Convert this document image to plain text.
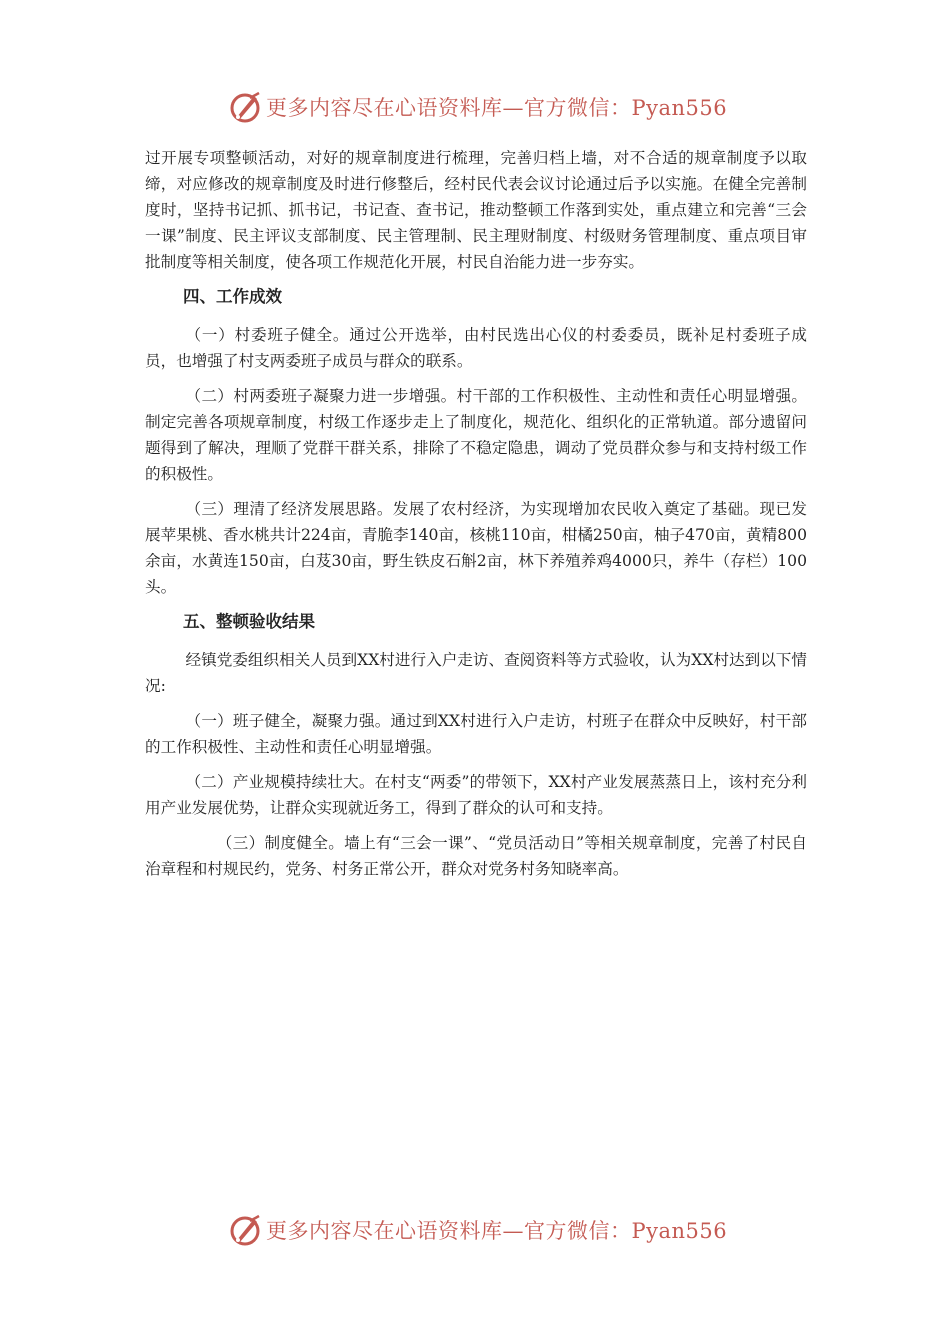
更多内容尽在心语资料库—官方微信：Pyan556

过开展专项整顿活动，对好的规章制度进行梳理，完善归档上墙，对不合适的规章制度予以取缔，对应修改的规章制度及时进行修整后，经村民代表会议讨论通过后予以实施。在健全完善制度时，坚持书记抓、抓书记，书记查、查书记，推动整顿工作落到实处，重点建立和完善“三会一课”制度、民主评议支部制度、民主管理制、民主理财制度、村级财务管理制度、重点项目审批制度等相关制度，使各项工作规范化开展，村民自治能力进一步夯实。

四、工作成效

（一）村委班子健全。通过公开选举，由村民选出心仪的村委委员，既补足村委班子成员，也增强了村支两委班子成员与群众的联系。

（二）村两委班子凝聚力进一步增强。村干部的工作积极性、主动性和责任心明显增强。制定完善各项规章制度，村级工作逐步走上了制度化，规范化、组织化的正常轨道。部分遗留问题得到了解决，理顺了党群干群关系，排除了不稳定隐患，调动了党员群众参与和支持村级工作的积极性。

（三）理清了经济发展思路。发展了农村经济，为实现增加农民收入奠定了基础。现已发展苹果桃、香水桃共计224亩，青脆李140亩，核桃110亩，柑橘250亩，柚子470亩，黄精800余亩，水黄连150亩，白芨30亩，野生铁皮石斛2亩，林下养殖养鸡4000只，养牛（存栏）100头。

五、整顿验收结果

经镇党委组织相关人员到XX村进行入户走访、查阅资料等方式验收，认为XX村达到以下情况:

（一）班子健全，凝聚力强。通过到XX村进行入户走访，村班子在群众中反映好，村干部的工作积极性、主动性和责任心明显增强。

（二）产业规模持续壮大。在村支“两委”的带领下，XX村产业发展蒸蒸日上，该村充分利用产业发展优势，让群众实现就近务工，得到了群众的认可和支持。

（三）制度健全。墙上有“三会一课”、“党员活动日”等相关规章制度，完善了村民自治章程和村规民约，党务、村务正常公开，群众对党务村务知晓率高。

更多内容尽在心语资料库—官方微信：Pyan556
